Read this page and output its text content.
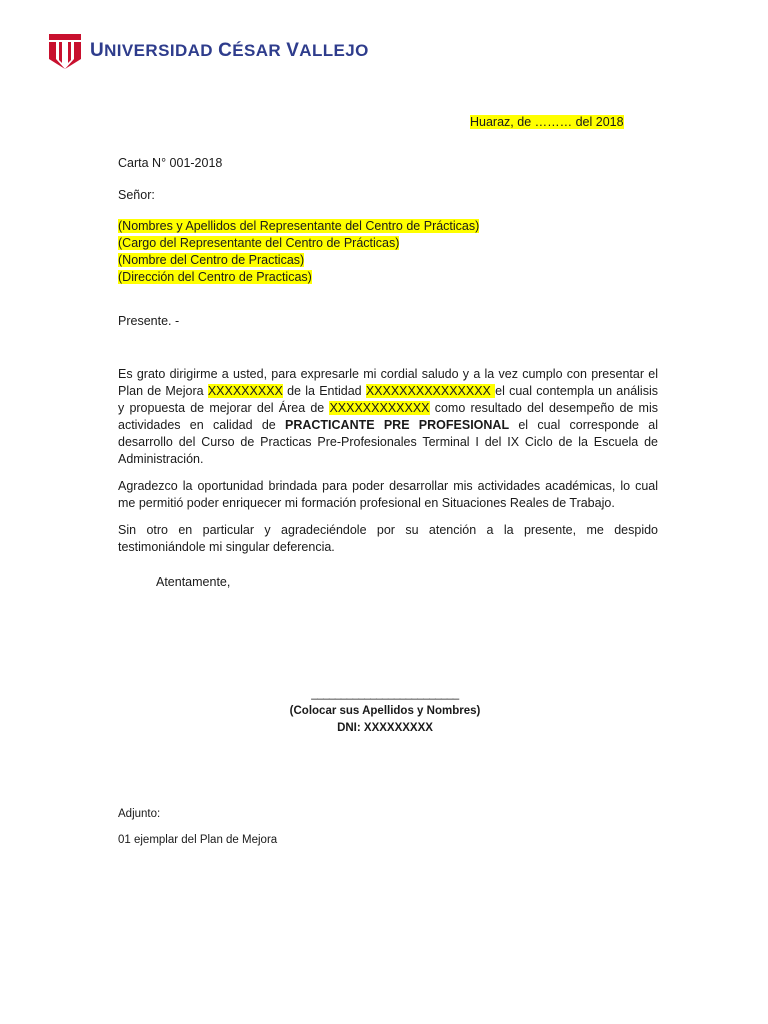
UNIVERSIDAD CÉSAR VALLEJO
Huaraz, de ……… del 2018
Carta N° 001-2018
Señor:
(Nombres y Apellidos del Representante del Centro de Prácticas)
(Cargo del Representante del Centro de Prácticas)
(Nombre del Centro de Practicas)
(Dirección del Centro de Practicas)
Presente. -

Es grato dirigirme a usted, para expresarle mi cordial saludo y a la vez cumplo con presentar el Plan de Mejora XXXXXXXXX de la Entidad XXXXXXXXXXXXXXX el cual contempla un análisis y propuesta de mejorar del Área de XXXXXXXXXXXX como resultado del desempeño de mis actividades en calidad de PRACTICANTE PRE PROFESIONAL el cual corresponde al desarrollo del Curso de Practicas Pre-Profesionales Terminal I del IX Ciclo de la Escuela de Administración.

Agradezco la oportunidad brindada para poder desarrollar mis actividades académicas, lo cual me permitió poder enriquecer mi formación profesional en Situaciones Reales de Trabajo.

Sin otro en particular y agradeciéndole por su atención a la presente, me despido testimoniándole mi singular deferencia.

Atentamente,
_________________________
(Colocar sus Apellidos y Nombres)
DNI: XXXXXXXXX
Adjunto:
01 ejemplar del Plan de Mejora
